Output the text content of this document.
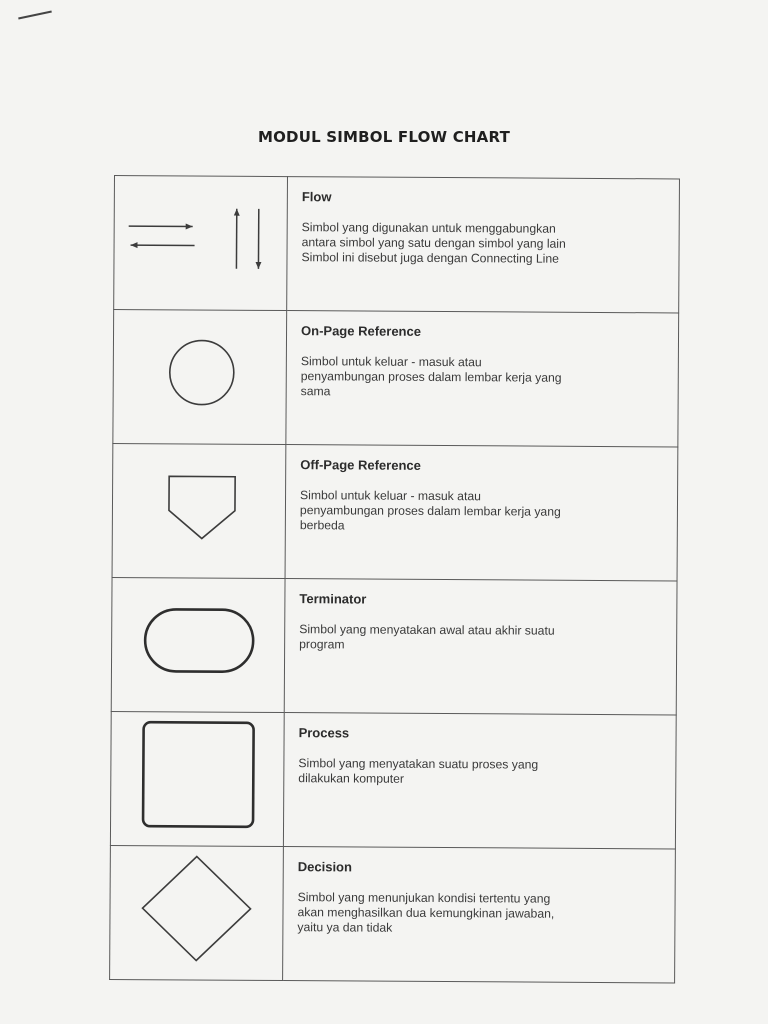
MODUL SIMBOL FLOW CHART

Flow
Simbol yang digunakan untuk menggabungkan
antara simbol yang satu dengan simbol yang lain
Simbol ini disebut juga dengan Connecting Line

On-Page Reference
Simbol untuk keluar - masuk atau
penyambungan proses dalam lembar kerja yang
sama

Off-Page Reference
Simbol untuk keluar - masuk atau
penyambungan proses dalam lembar kerja yang
berbeda

Terminator
Simbol yang menyatakan awal atau akhir suatu
program

Process
Simbol yang menyatakan suatu proses yang
dilakukan komputer

Decision
Simbol yang menunjukan kondisi tertentu yang
akan menghasilkan dua kemungkinan jawaban,
yaitu ya dan tidak
